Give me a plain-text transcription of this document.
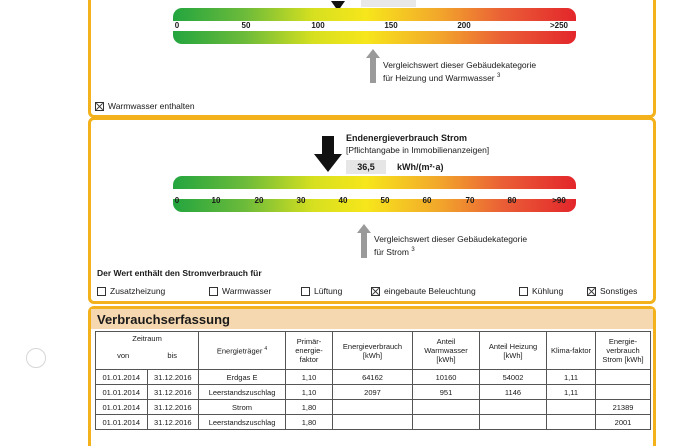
0	50	100	150	200	>250
Vergleichswert dieser Gebäudekategorie
für Heizung und Warmwasser $^3$
Warmwasser enthalten
Endenergieverbrauch Strom
[Pflichtangabe in Immobilienanzeigen]
36,5	kWh/(m²·a)
0	10	20	30	40	50	60	70	80	>90
Vergleichswert dieser Gebäudekategorie
für Strom $^3$
Der Wert enthält den Stromverbrauch für
Zusatzheizung	Warmwasser	Lüftung	eingebaute Beleuchtung	Kühlung	Sonstiges
Verbrauchserfassung
Zeitraum
von bis		Energieträger $^4$	Primär-energie-faktor	Energieverbrauch [kWh]	Anteil Warmwasser [kWh]	Anteil Heizung [kWh]	Klima-faktor	Energie-verbrauch Strom [kWh]
01.01.2014	31.12.2016	Erdgas E	1,10	64162	10160	54002	1,11	
01.01.2014	31.12.2016	Leerstandszuschlag	1,10	2097	951	1146	1,11	
01.01.2014	31.12.2016	Strom	1,80					21389
01.01.2014	31.12.2016	Leerstandszuschlag	1,80					2001
